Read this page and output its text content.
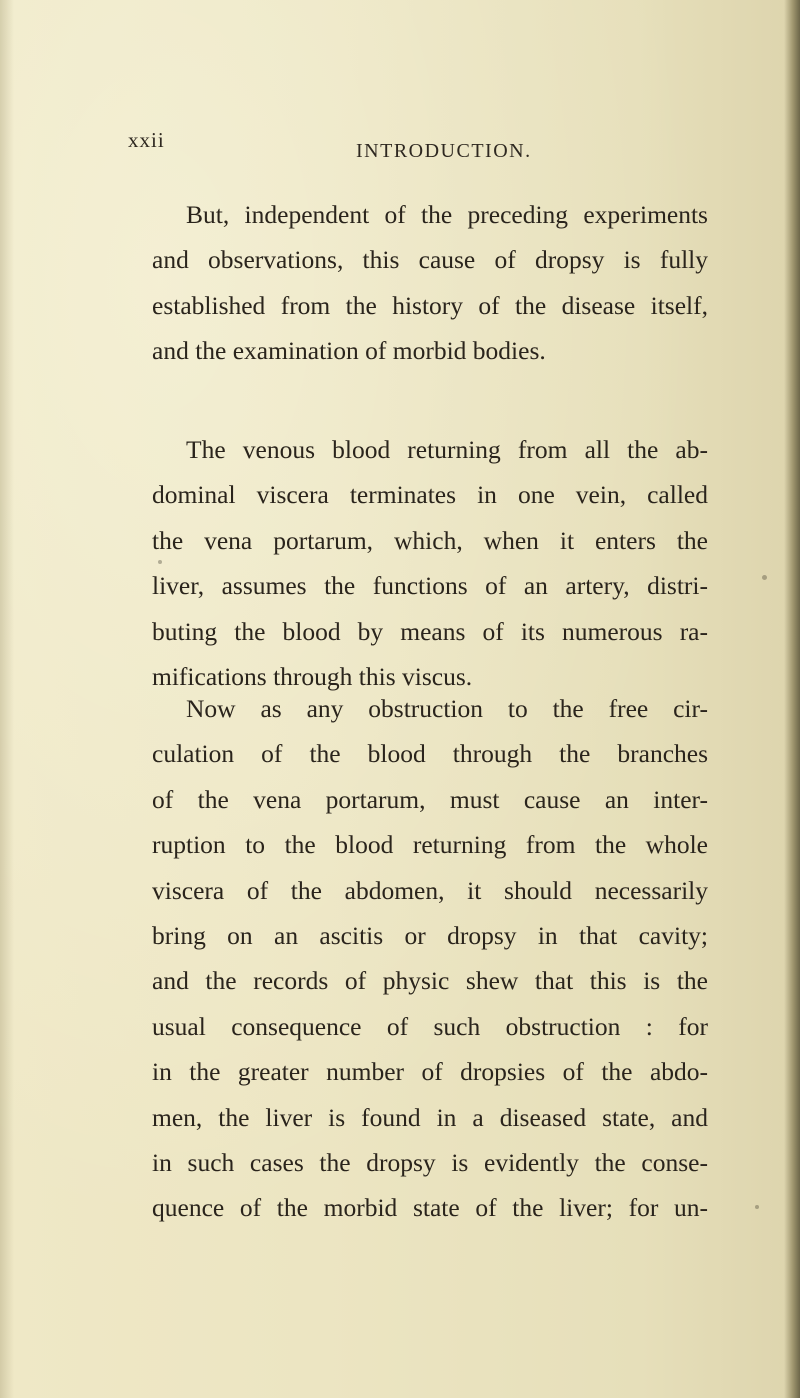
xxii	INTRODUCTION.

But, independent of the preceding experiments
and observations, this cause of dropsy is fully
established from the history of the disease itself,
and the examination of morbid bodies.

The venous blood returning from all the ab-
dominal viscera terminates in one vein, called
the vena portarum, which, when it enters the
liver, assumes the functions of an artery, distri-
buting the blood by means of its numerous ra-
mifications through this viscus.

Now as any obstruction to the free cir-
culation of the blood through the branches
of the vena portarum, must cause an inter-
ruption to the blood returning from the whole
viscera of the abdomen, it should necessarily
bring on an ascitis or dropsy in that cavity;
and the records of physic shew that this is the
usual consequence of such obstruction : for
in the greater number of dropsies of the abdo-
men, the liver is found in a diseased state, and
in such cases the dropsy is evidently the conse-
quence of the morbid state of the liver; for un-
